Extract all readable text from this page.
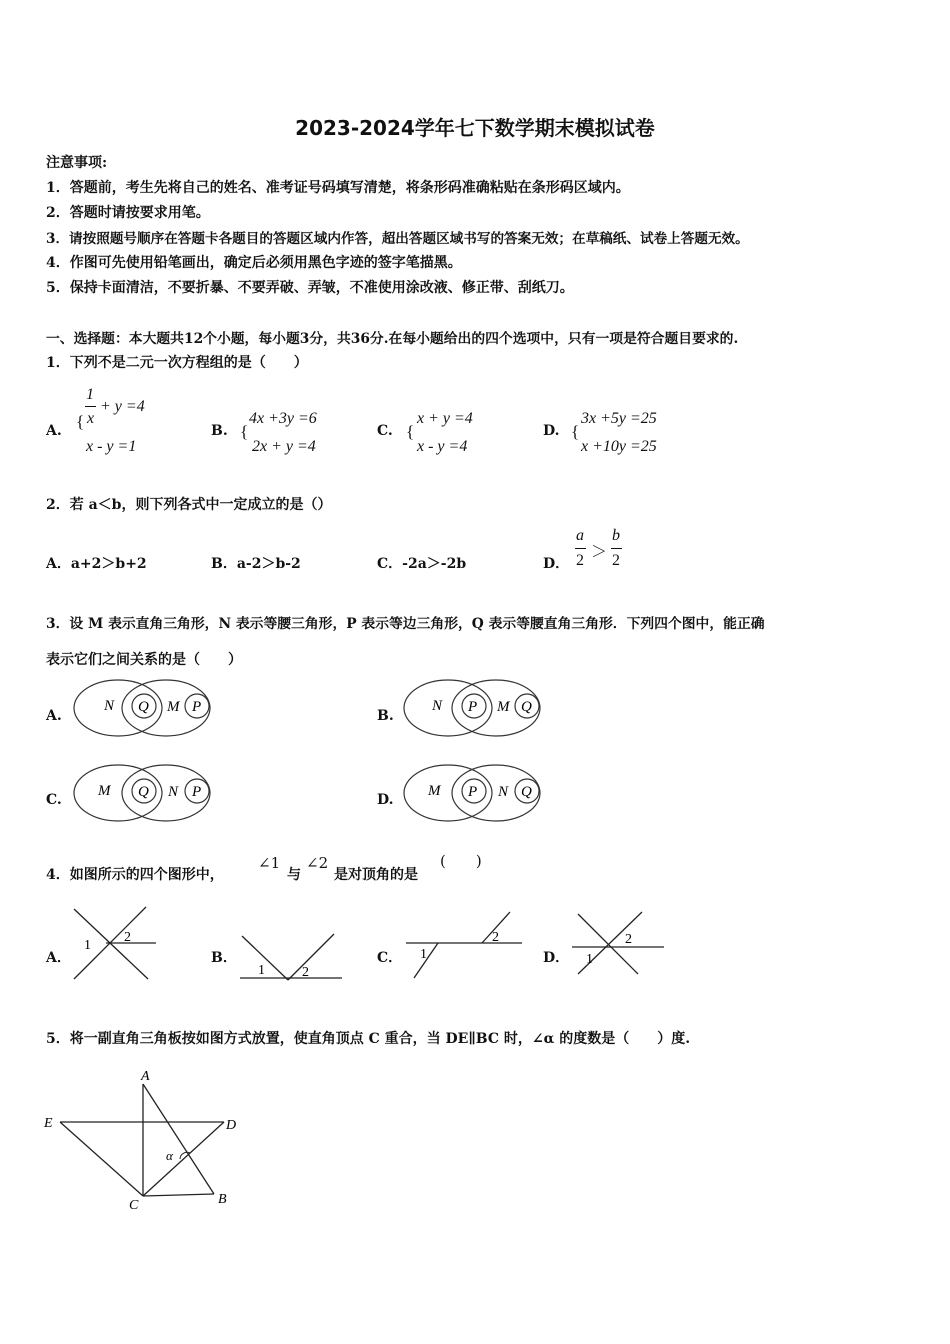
2023-2024学年七下数学期末模拟试卷
注意事项:
1．答题前，考生先将自己的姓名、准考证号码填写清楚，将条形码准确粘贴在条形码区域内。
2．答题时请按要求用笔。
3．请按照题号顺序在答题卡各题目的答题区域内作答，超出答题区域书写的答案无效；在草稿纸、试卷上答题无效。
4．作图可先使用铅笔画出，确定后必须用黑色字迹的签字笔描黑。
5．保持卡面清洁，不要折暴、不要弄破、弄皱，不准使用涂改液、修正带、刮纸刀。
一、选择题：本大题共12个小题，每小题3分，共36分.在每小题给出的四个选项中，只有一项是符合题目要求的.
1．下列不是二元一次方程组的是（　　）
A. {
1
+ y =4
x
x - y =1
B. {
4x +3y =6
2x + y =4
C. {
x + y =4
x - y =4
D. {
3x +5y =25
x +10y =25
2．若 a＜b，则下列各式中一定成立的是（）
A．a+2＞b+2	B．a-2＞b-2	C．-2a＞-2b	D．
a
2 ＞
b
2
3．设 M 表示直角三角形，N 表示等腰三角形，P 表示等边三角形，Q 表示等腰直角三角形．下列四个图中，能正确
表示它们之间关系的是（　　）
A.
N Q M P
B.
N P M Q
C.
M Q N P	D.
M P N Q
4．如图所示的四个图形中，
∠1
与
∠2
是对顶角的是
(　　)
A．
1
2
B．
1	2
C． 1
2
D． 1
2
5．将一副直角三角板按如图方式放置，使直角顶点 C 重合，当 DE∥BC 时，∠α 的度数是（　　）度.
A
E	D
C	B
α
